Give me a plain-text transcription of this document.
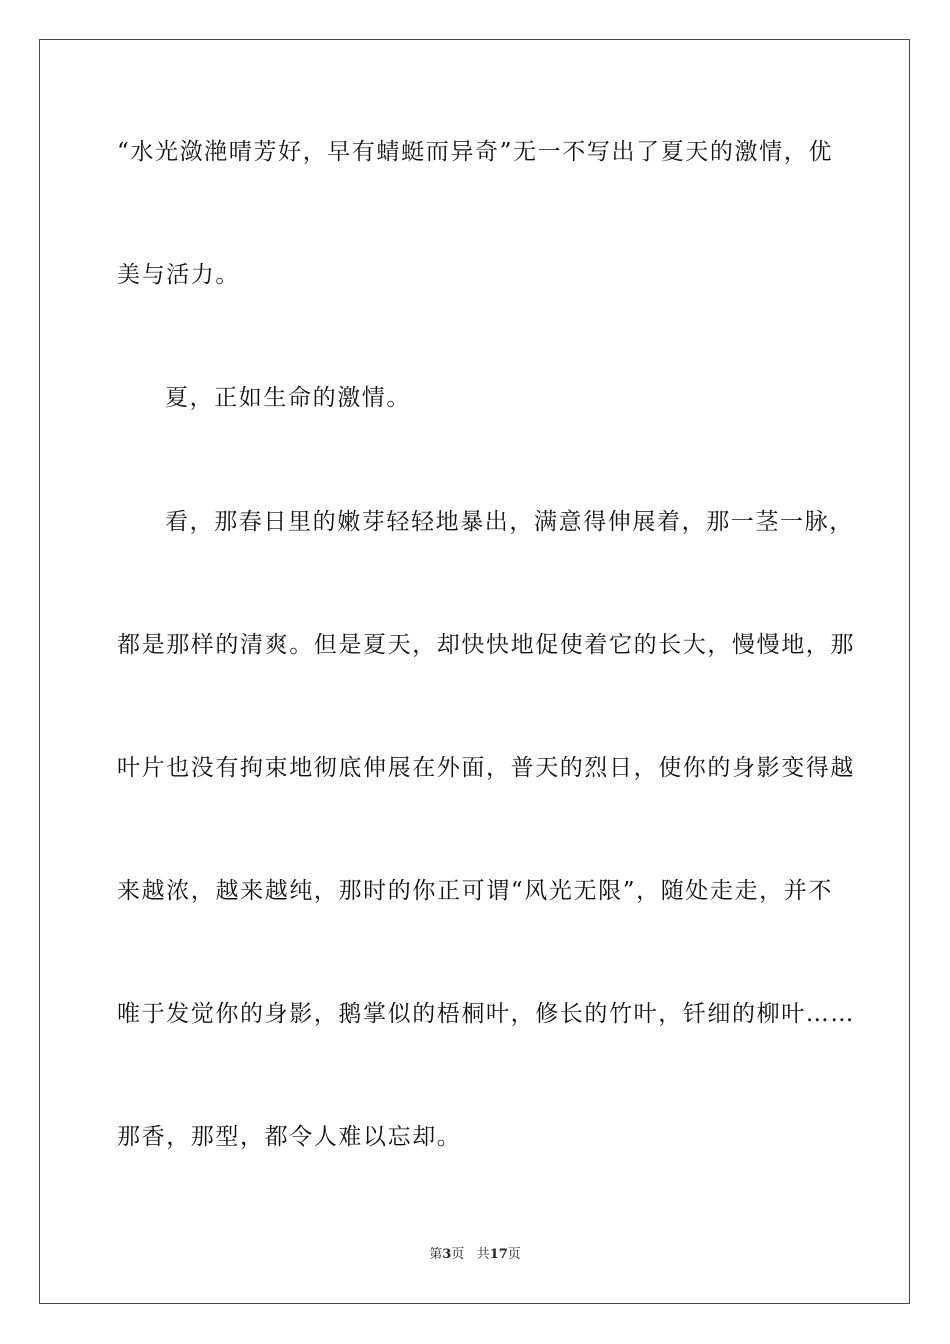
“水光潋滟晴芳好，早有蜻蜓而异奇”无一不写出了夏天的激情，优
美与活力。
夏，正如生命的激情。
看，那春日里的嫩芽轻轻地暴出，满意得伸展着，那一茎一脉，
都是那样的清爽。但是夏天，却快快地促使着它的长大，慢慢地，那
叶片也没有拘束地彻底伸展在外面，普天的烈日，使你的身影变得越
来越浓，越来越纯，那时的你正可谓“风光无限”，随处走走，并不
唯于发觉你的身影，鹅掌似的梧桐叶，修长的竹叶，钎细的柳叶……
那香，那型，都令人难以忘却。
第3页 共17页
